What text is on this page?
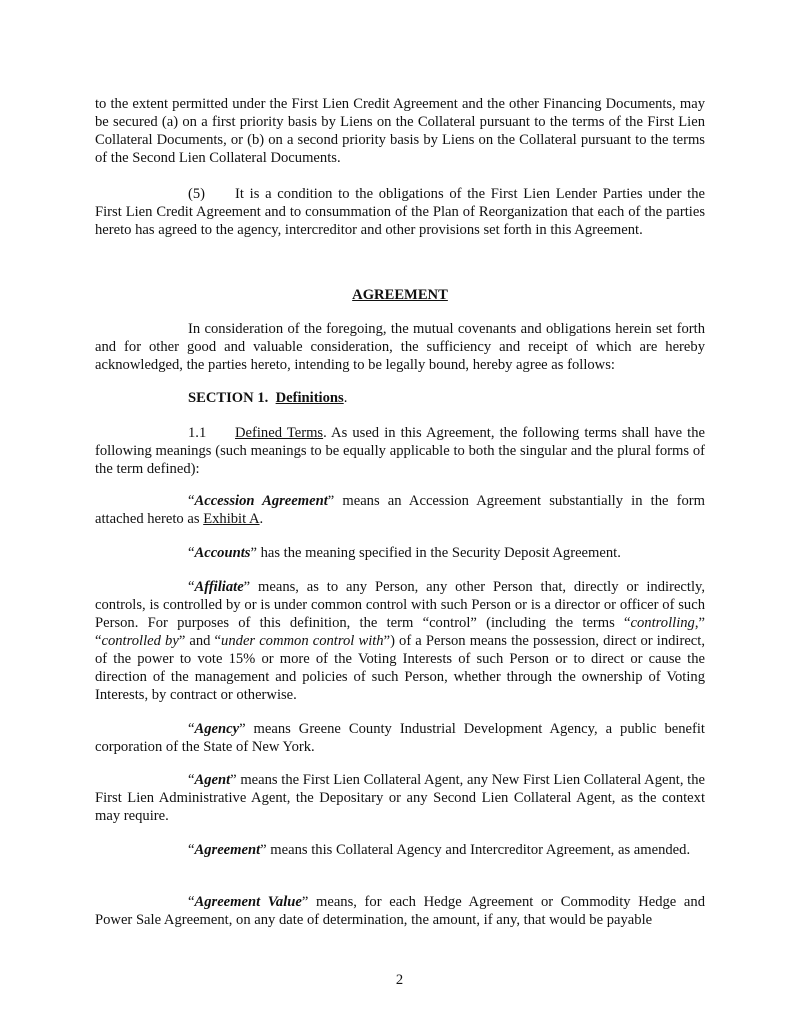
to the extent permitted under the First Lien Credit Agreement and the other Financing Documents, may be secured (a) on a first priority basis by Liens on the Collateral pursuant to the terms of the First Lien Collateral Documents, or (b) on a second priority basis by Liens on the Collateral pursuant to the terms of the Second Lien Collateral Documents.

(5) It is a condition to the obligations of the First Lien Lender Parties under the First Lien Credit Agreement and to consummation of the Plan of Reorganization that each of the parties hereto has agreed to the agency, intercreditor and other provisions set forth in this Agreement.

AGREEMENT

In consideration of the foregoing, the mutual covenants and obligations herein set forth and for other good and valuable consideration, the sufficiency and receipt of which are hereby acknowledged, the parties hereto, intending to be legally bound, hereby agree as follows:

SECTION 1. Definitions.

1.1 Defined Terms. As used in this Agreement, the following terms shall have the following meanings (such meanings to be equally applicable to both the singular and the plural forms of the term defined):

“Accession Agreement” means an Accession Agreement substantially in the form attached hereto as Exhibit A.

“Accounts” has the meaning specified in the Security Deposit Agreement.

“Affiliate” means, as to any Person, any other Person that, directly or indirectly, controls, is controlled by or is under common control with such Person or is a director or officer of such Person. For purposes of this definition, the term “control” (including the terms “controlling,” “controlled by” and “under common control with”) of a Person means the possession, direct or indirect, of the power to vote 15% or more of the Voting Interests of such Person or to direct or cause the direction of the management and policies of such Person, whether through the ownership of Voting Interests, by contract or otherwise.

“Agency” means Greene County Industrial Development Agency, a public benefit corporation of the State of New York.

“Agent” means the First Lien Collateral Agent, any New First Lien Collateral Agent, the First Lien Administrative Agent, the Depositary or any Second Lien Collateral Agent, as the context may require.

“Agreement” means this Collateral Agency and Intercreditor Agreement, as amended.

“Agreement Value” means, for each Hedge Agreement or Commodity Hedge and Power Sale Agreement, on any date of determination, the amount, if any, that would be payable

2
